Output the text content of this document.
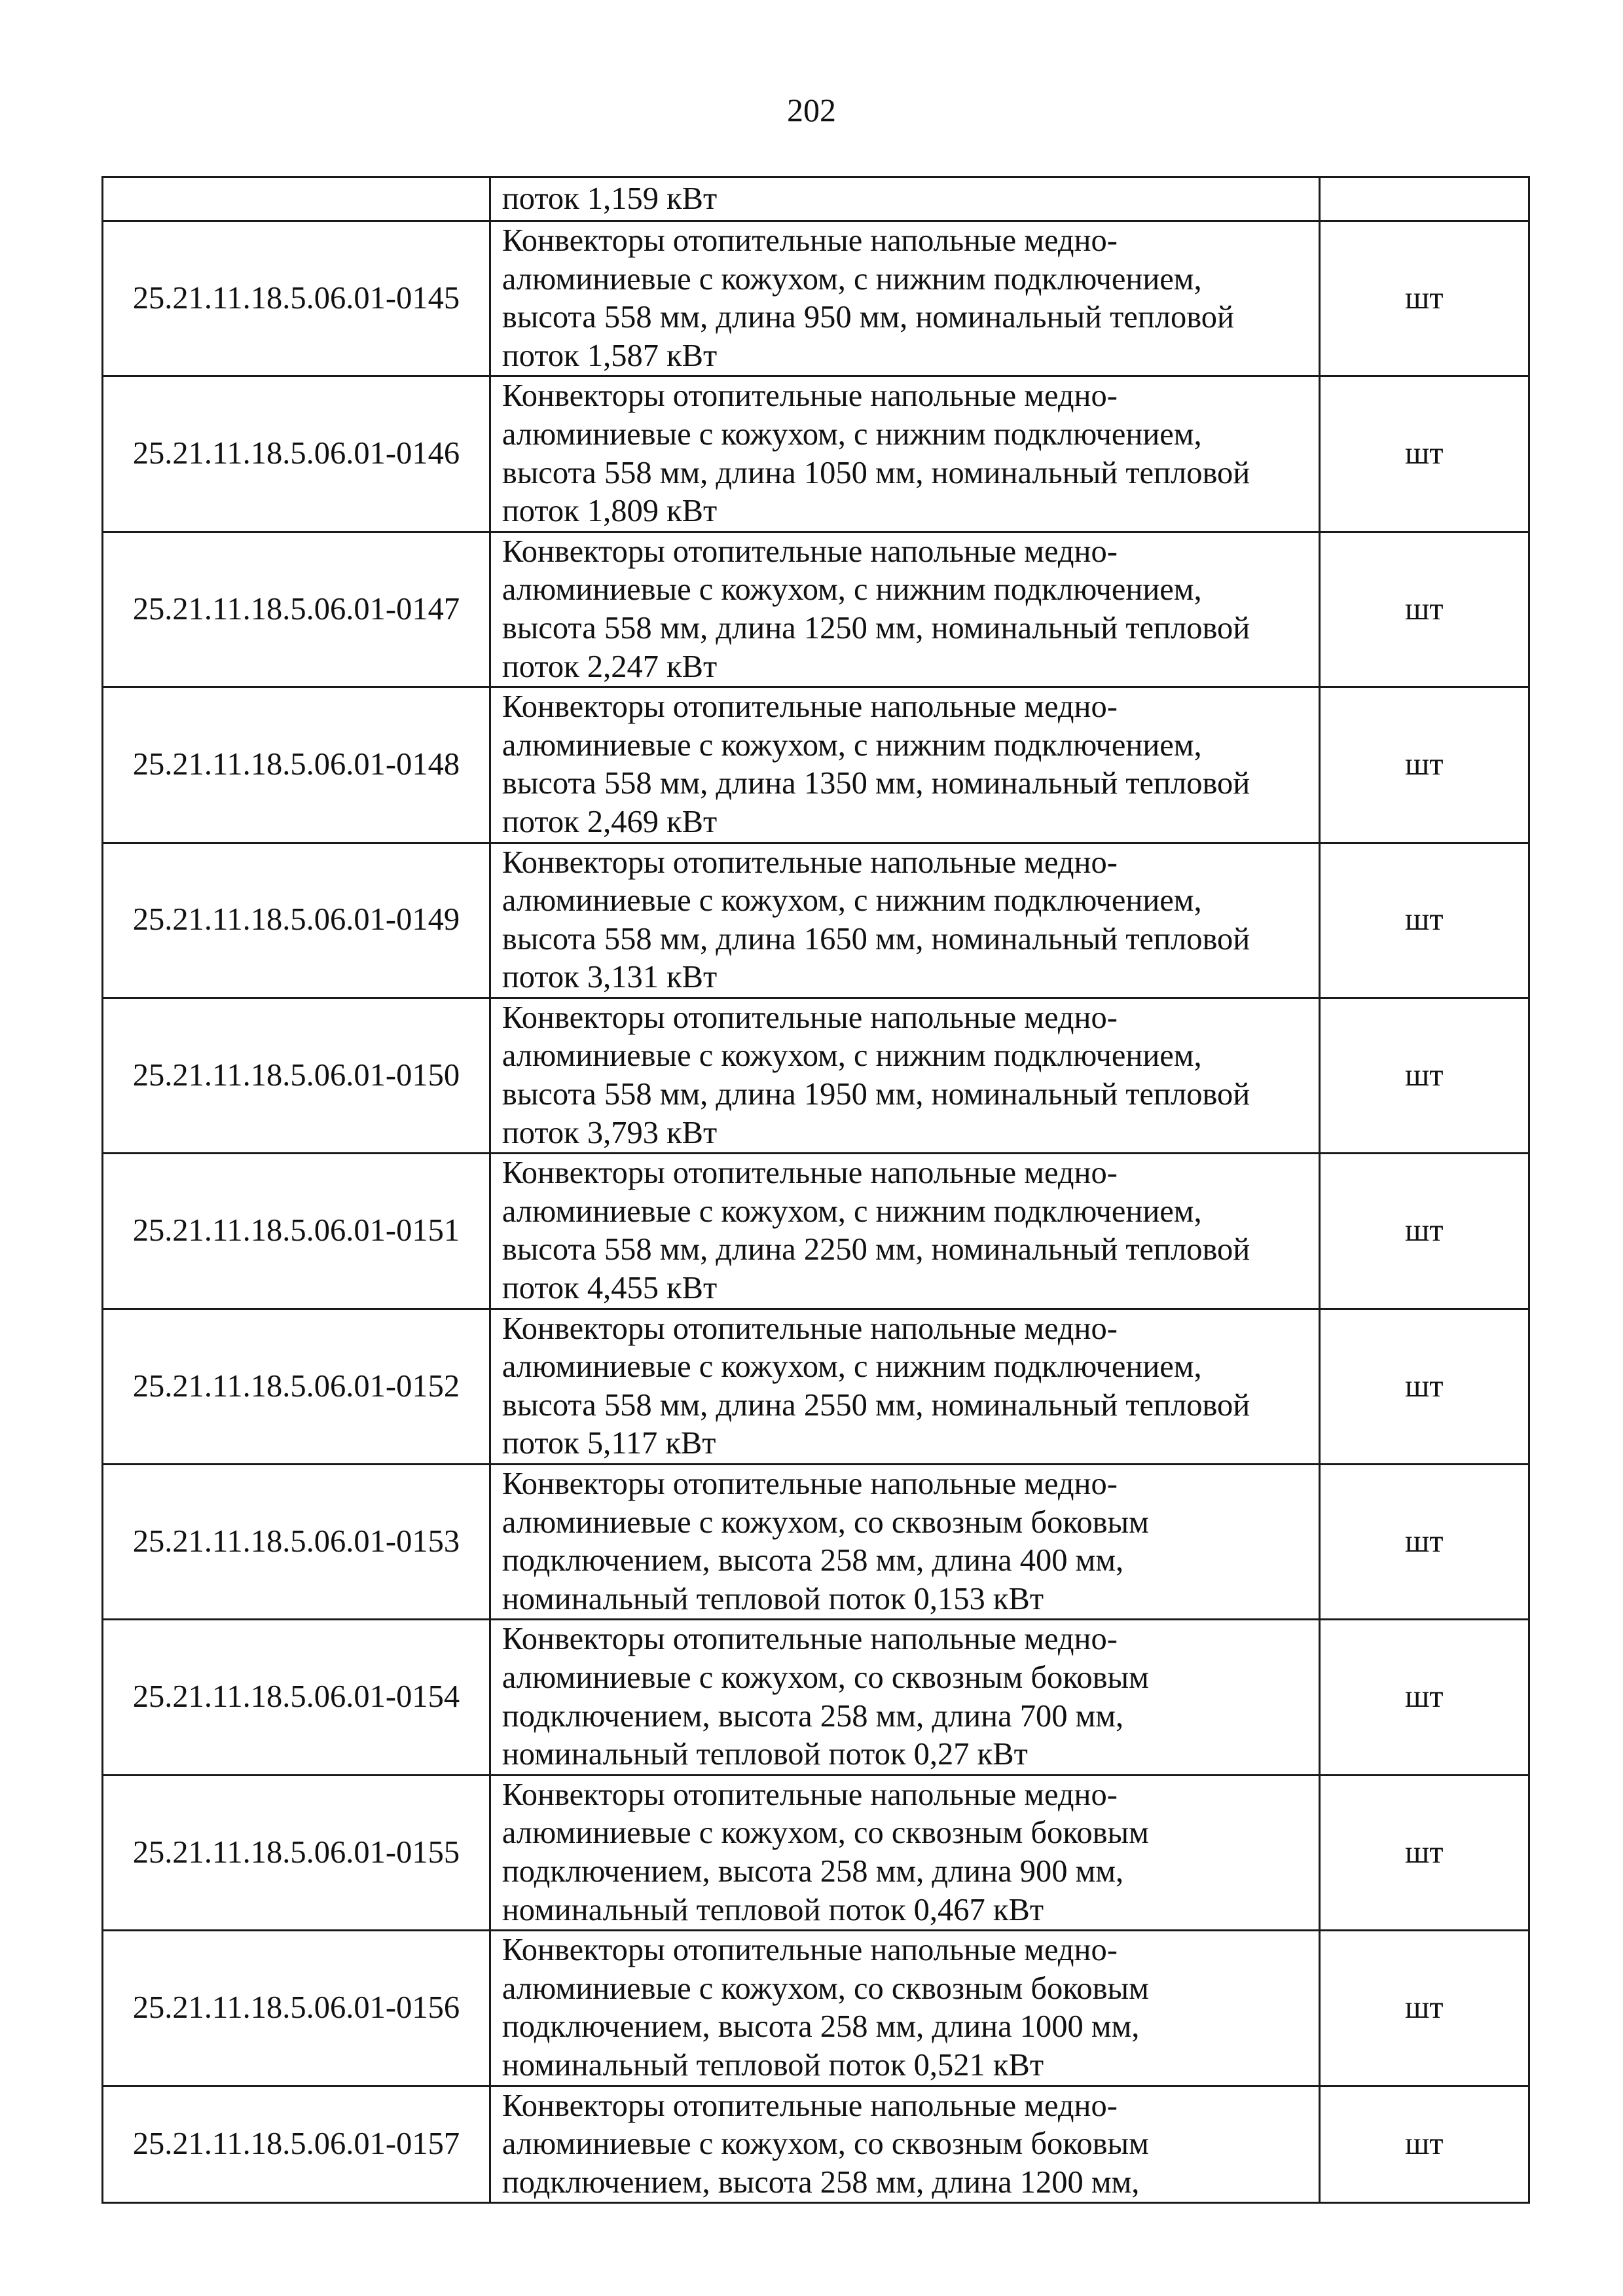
202

	поток 1,159 кВт	

25.21.11.18.5.06.01-0145	Конвекторы отопительные напольные медно-
алюминиевые с кожухом, с нижним подключением,
высота 558 мм, длина 950 мм, номинальный тепловой
поток 1,587 кВт	шт
25.21.11.18.5.06.01-0146	Конвекторы отопительные напольные медно-
алюминиевые с кожухом, с нижним подключением,
высота 558 мм, длина 1050 мм, номинальный тепловой
поток 1,809 кВт	шт
25.21.11.18.5.06.01-0147	Конвекторы отопительные напольные медно-
алюминиевые с кожухом, с нижним подключением,
высота 558 мм, длина 1250 мм, номинальный тепловой
поток 2,247 кВт	шт
25.21.11.18.5.06.01-0148	Конвекторы отопительные напольные медно-
алюминиевые с кожухом, с нижним подключением,
высота 558 мм, длина 1350 мм, номинальный тепловой
поток 2,469 кВт	шт
25.21.11.18.5.06.01-0149	Конвекторы отопительные напольные медно-
алюминиевые с кожухом, с нижним подключением,
высота 558 мм, длина 1650 мм, номинальный тепловой
поток 3,131 кВт	шт
25.21.11.18.5.06.01-0150	Конвекторы отопительные напольные медно-
алюминиевые с кожухом, с нижним подключением,
высота 558 мм, длина 1950 мм, номинальный тепловой
поток 3,793 кВт	шт
25.21.11.18.5.06.01-0151	Конвекторы отопительные напольные медно-
алюминиевые с кожухом, с нижним подключением,
высота 558 мм, длина 2250 мм, номинальный тепловой
поток 4,455 кВт	шт
25.21.11.18.5.06.01-0152	Конвекторы отопительные напольные медно-
алюминиевые с кожухом, с нижним подключением,
высота 558 мм, длина 2550 мм, номинальный тепловой
поток 5,117 кВт	шт
25.21.11.18.5.06.01-0153	Конвекторы отопительные напольные медно-
алюминиевые с кожухом, со сквозным боковым
подключением, высота 258 мм, длина 400 мм,
номинальный тепловой поток 0,153 кВт	шт
25.21.11.18.5.06.01-0154	Конвекторы отопительные напольные медно-
алюминиевые с кожухом, со сквозным боковым
подключением, высота 258 мм, длина 700 мм,
номинальный тепловой поток 0,27 кВт	шт
25.21.11.18.5.06.01-0155	Конвекторы отопительные напольные медно-
алюминиевые с кожухом, со сквозным боковым
подключением, высота 258 мм, длина 900 мм,
номинальный тепловой поток 0,467 кВт	шт
25.21.11.18.5.06.01-0156	Конвекторы отопительные напольные медно-
алюминиевые с кожухом, со сквозным боковым
подключением, высота 258 мм, длина 1000 мм,
номинальный тепловой поток 0,521 кВт	шт
25.21.11.18.5.06.01-0157	Конвекторы отопительные напольные медно-
алюминиевые с кожухом, со сквозным боковым
подключением, высота 258 мм, длина 1200 мм,	шт
